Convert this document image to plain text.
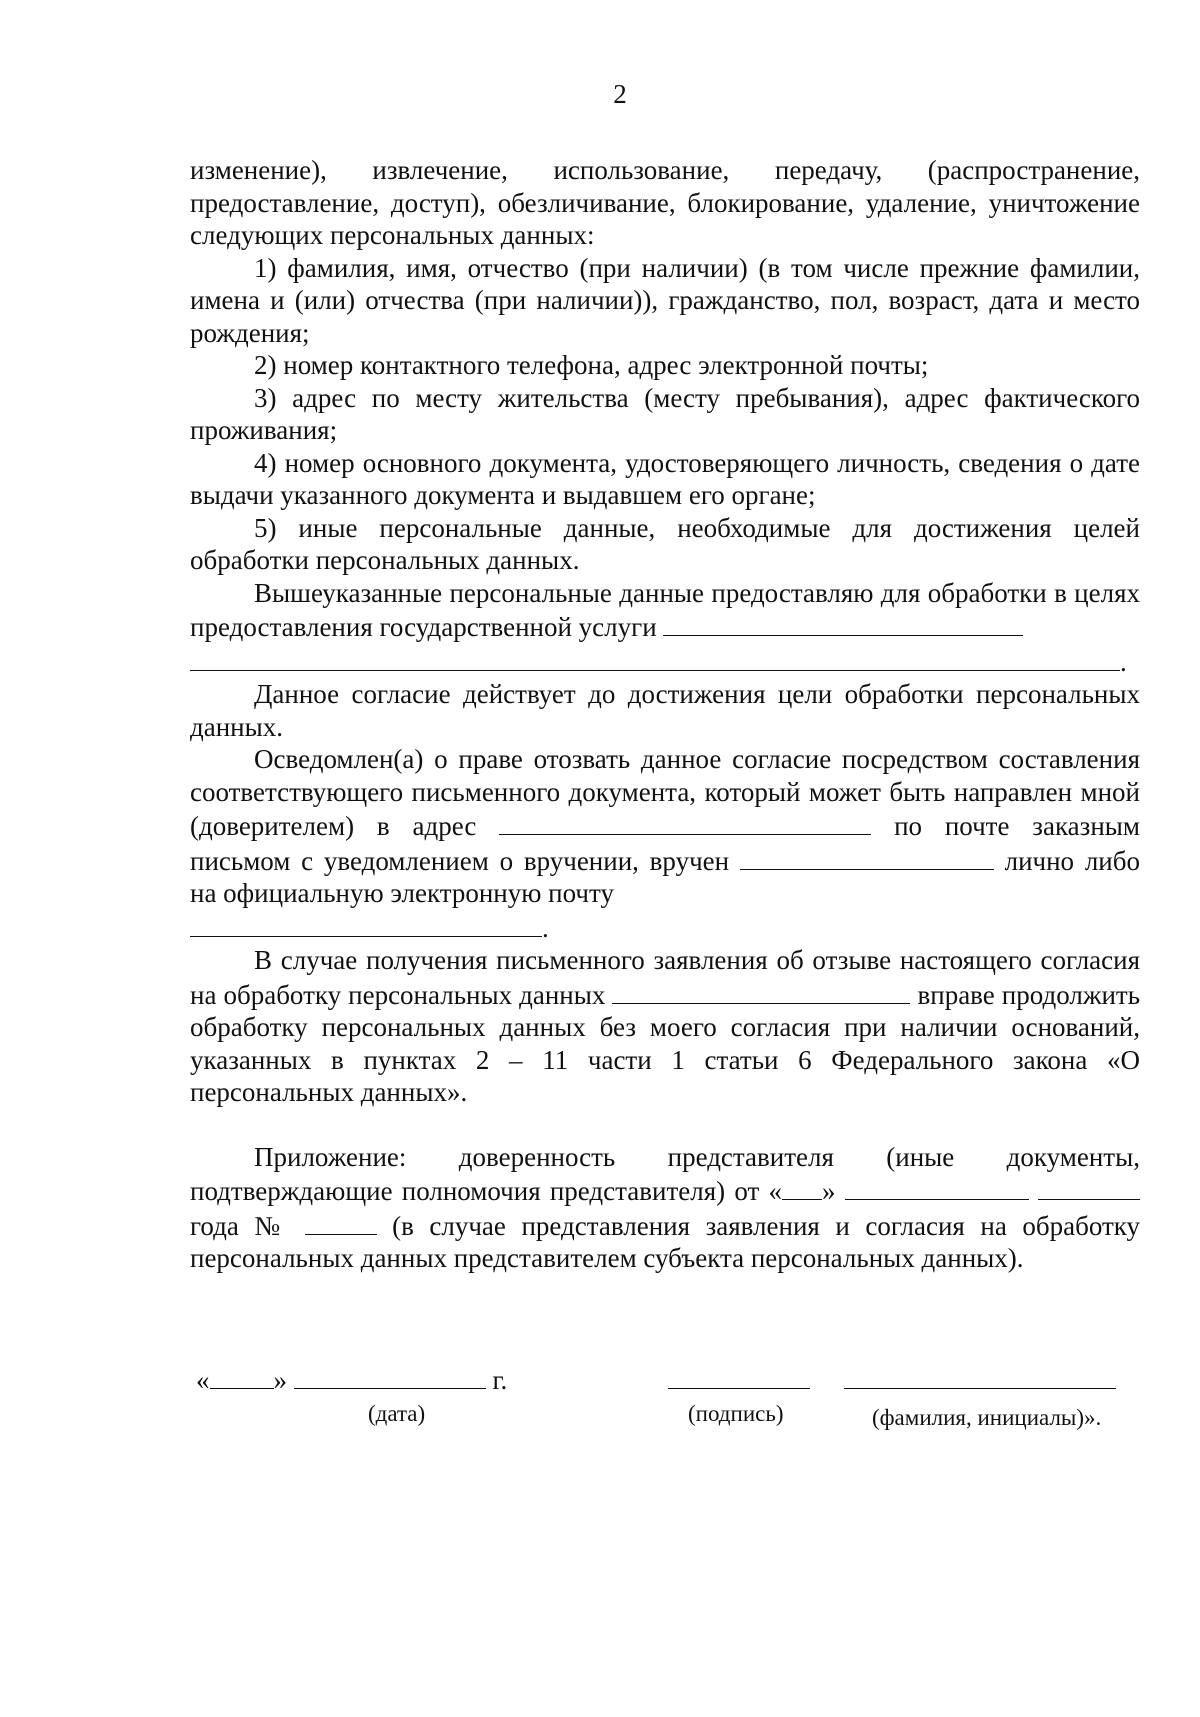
2

изменение), извлечение, использование, передачу, (распространение, предоставление, доступ), обезличивание, блокирование, удаление, уничтожение следующих персональных данных:

1) фамилия, имя, отчество (при наличии) (в том числе прежние фамилии, имена и (или) отчества (при наличии)), гражданство, пол, возраст, дата и место рождения;

2) номер контактного телефона, адрес электронной почты;

3) адрес по месту жительства (месту пребывания), адрес фактического проживания;

4) номер основного документа, удостоверяющего личность, сведения о дате выдачи указанного документа и выдавшем его органе;

5) иные персональные данные, необходимые для достижения целей обработки персональных данных.

Вышеуказанные персональные данные предоставляю для обработки в целях предоставления государственной услуги

.

Данное согласие действует до достижения цели обработки персональных данных.

Осведомлен(а) о праве отозвать данное согласие посредством составления соответствующего письменного документа, который может быть направлен мной (доверителем) в адрес	по почте заказным письмом с уведомлением о вручении, вручен	лично либо на официальную электронную почту

.

В случае получения письменного заявления об отзыве настоящего согласия на обработку персональных данных	вправе продолжить обработку персональных данных без моего согласия при наличии оснований, указанных в пунктах 2 – 11 части 1 статьи 6 Федерального закона «О персональных данных».

Приложение: доверенность представителя (иные документы, подтверждающие полномочия представителя) от « »   года №	(в случае представления заявления и согласия на обработку персональных данных представителем субъекта персональных данных).

« »	г.
(дата)	(подпись)	(фамилия, инициалы)».
